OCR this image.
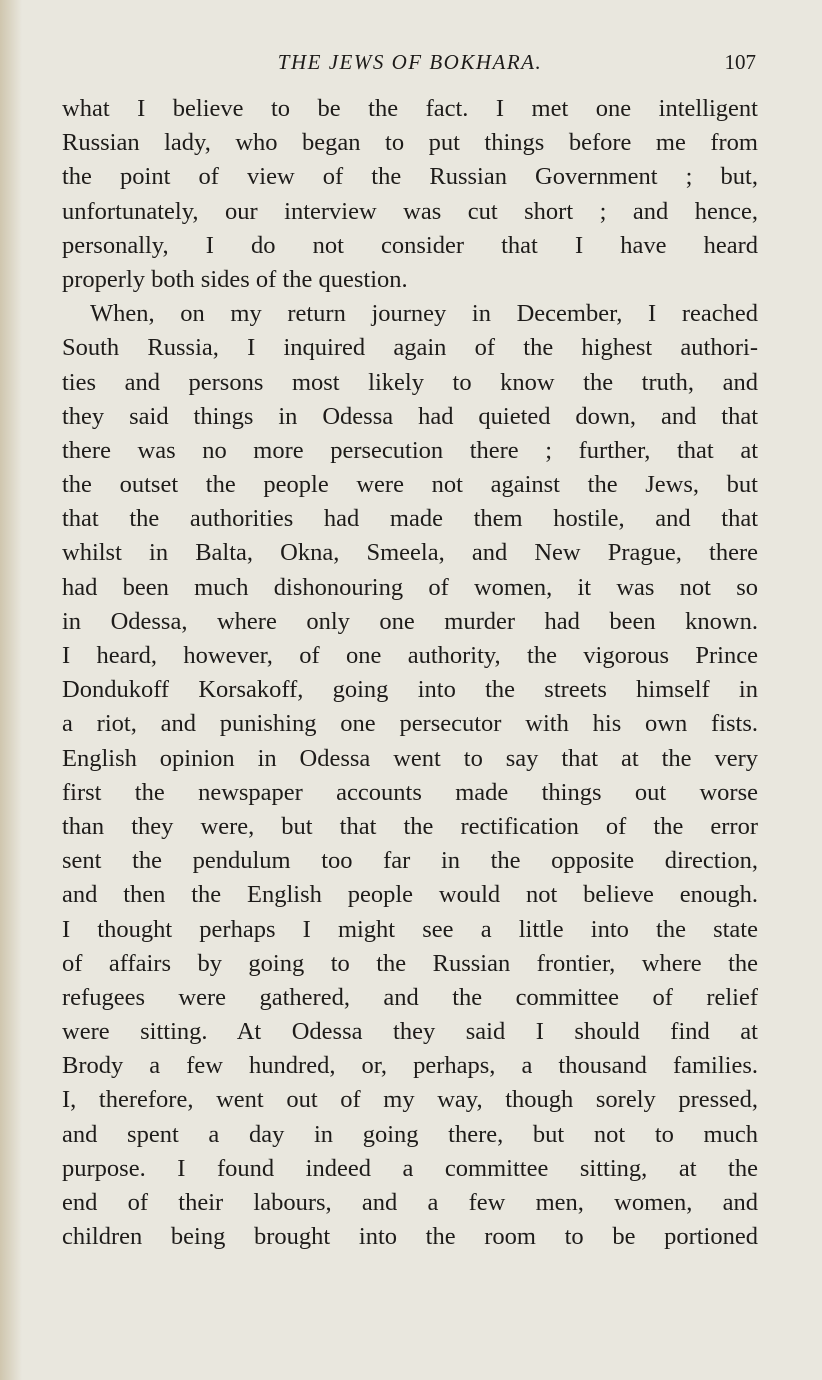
THE JEWS OF BOKHARA.	107
what I believe to be the fact. I met one intelligent
Russian lady, who began to put things before me from
the point of view of the Russian Government ; but,
unfortunately, our interview was cut short ; and hence,
personally, I do not consider that I have heard
properly both sides of the question.
When, on my return journey in December, I reached
South Russia, I inquired again of the highest authori-
ties and persons most likely to know the truth, and
they said things in Odessa had quieted down, and that
there was no more persecution there ; further, that at
the outset the people were not against the Jews, but
that the authorities had made them hostile, and that
whilst in Balta, Okna, Smeela, and New Prague, there
had been much dishonouring of women, it was not so
in Odessa, where only one murder had been known.
I heard, however, of one authority, the vigorous Prince
Dondukoff Korsakoff, going into the streets himself in
a riot, and punishing one persecutor with his own fists.
English opinion in Odessa went to say that at the very
first the newspaper accounts made things out worse
than they were, but that the rectification of the error
sent the pendulum too far in the opposite direction,
and then the English people would not believe enough.
I thought perhaps I might see a little into the state
of affairs by going to the Russian frontier, where the
refugees were gathered, and the committee of relief
were sitting. At Odessa they said I should find at
Brody a few hundred, or, perhaps, a thousand families.
I, therefore, went out of my way, though sorely pressed,
and spent a day in going there, but not to much
purpose. I found indeed a committee sitting, at the
end of their labours, and a few men, women, and
children being brought into the room to be portioned
